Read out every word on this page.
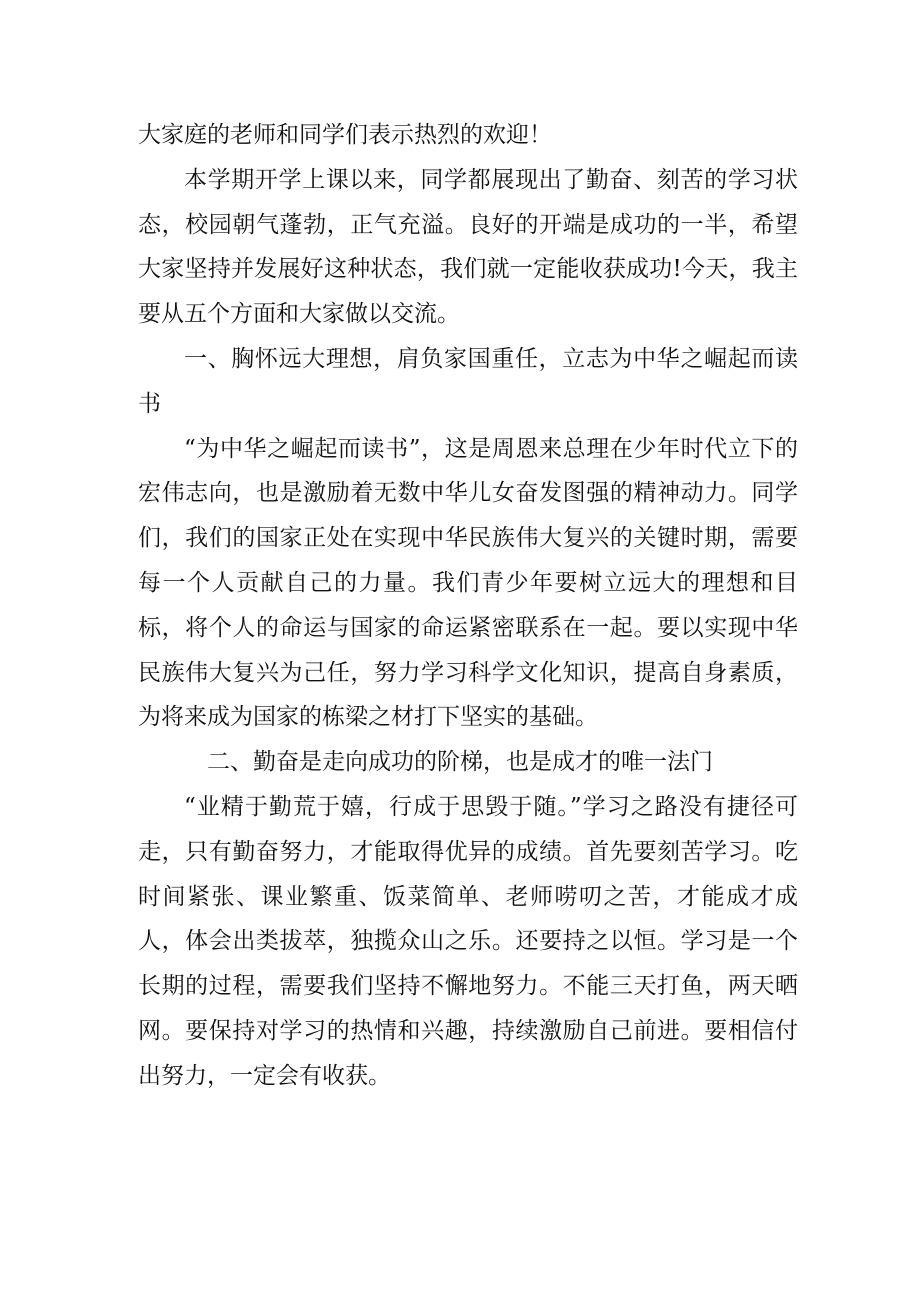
大家庭的老师和同学们表示热烈的欢迎！

本学期开学上课以来，同学都展现出了勤奋、刻苦的学习状态，校园朝气蓬勃，正气充溢。良好的开端是成功的一半，希望大家坚持并发展好这种状态，我们就一定能收获成功!今天，我主要从五个方面和大家做以交流。

一、胸怀远大理想，肩负家国重任，立志为中华之崛起而读书

“为中华之崛起而读书”，这是周恩来总理在少年时代立下的宏伟志向，也是激励着无数中华儿女奋发图强的精神动力。同学们，我们的国家正处在实现中华民族伟大复兴的关键时期，需要每一个人贡献自己的力量。我们青少年要树立远大的理想和目标，将个人的命运与国家的命运紧密联系在一起。要以实现中华民族伟大复兴为己任，努力学习科学文化知识，提高自身素质，为将来成为国家的栋梁之材打下坚实的基础。

二、勤奋是走向成功的阶梯，也是成才的唯一法门

“业精于勤荒于嬉，行成于思毁于随。”学习之路没有捷径可走，只有勤奋努力，才能取得优异的成绩。首先要刻苦学习。吃时间紧张、课业繁重、饭菜简单、老师唠叨之苦，才能成才成人，体会出类拔萃，独揽众山之乐。还要持之以恒。学习是一个长期的过程，需要我们坚持不懈地努力。不能三天打鱼，两天晒网。要保持对学习的热情和兴趣，持续激励自己前进。要相信付出努力，一定会有收获。
